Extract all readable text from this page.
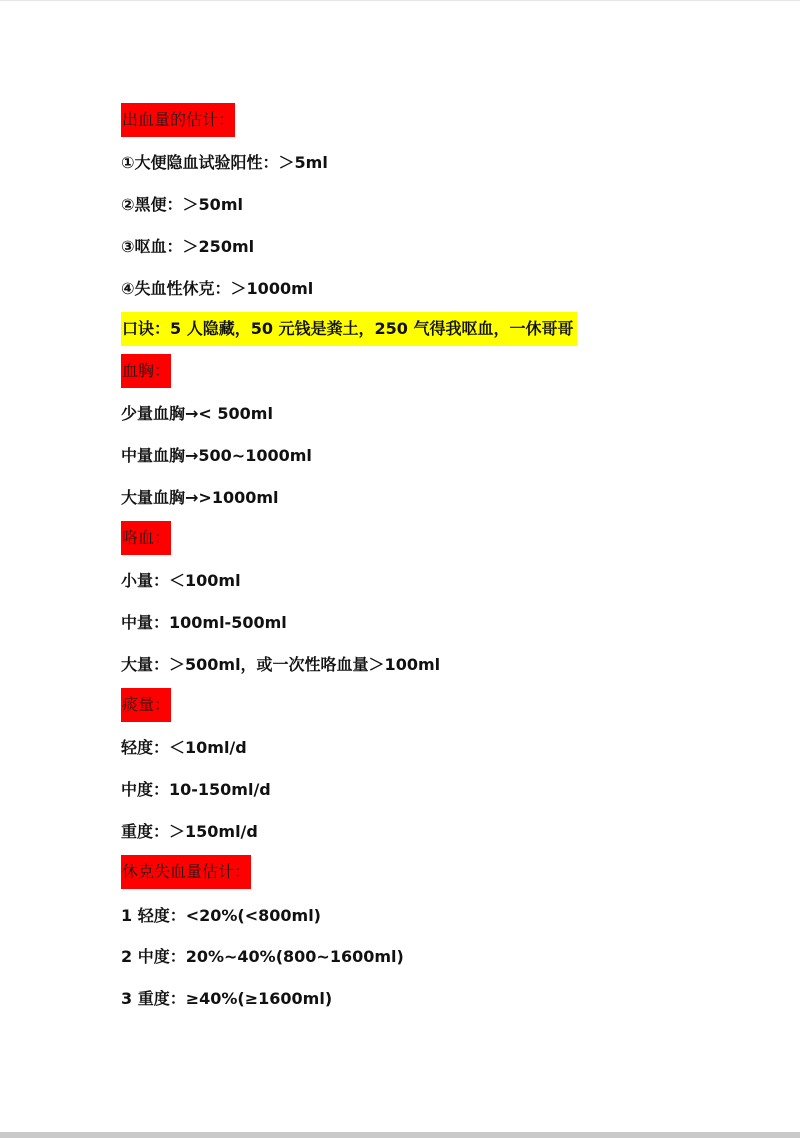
出血量的估计：
①大便隐血试验阳性：＞5ml
②黑便：＞50ml
③呕血：＞250ml
④失血性休克：＞1000ml
口诀：5 人隐藏，50 元钱是粪土，250 气得我呕血，一休哥哥
血胸：
少量血胸→< 500ml
中量血胸→500~1000ml
大量血胸→>1000ml
咯血：
小量：＜100ml
中量：100ml-500ml
大量：＞500ml，或一次性咯血量＞100ml
痰量：
轻度：＜10ml/d
中度：10-150ml/d
重度：＞150ml/d
休克失血量估计：
1 轻度：<20%(<800ml)
2 中度：20%~40%(800~1600ml)
3 重度：≥40%(≥1600ml)
